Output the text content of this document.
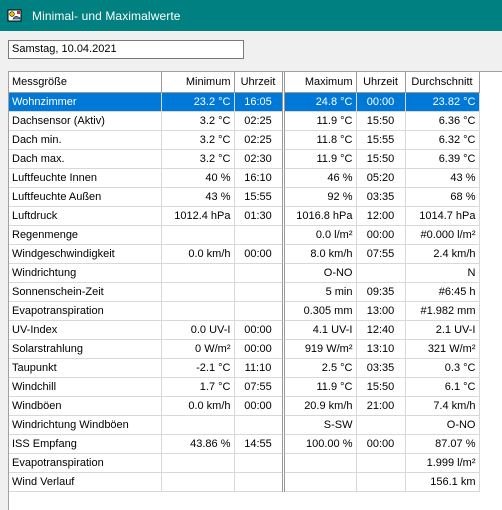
Minimal- und Maximalwerte
Samstag, 10.04.2021
Messgröße	Minimum	Uhrzeit	Maximum	Uhrzeit	Durchschnitt
Wohnzimmer	23.2 °C	16:05	24.8 °C	00:00	23.82 °C
Dachsensor (Aktiv)	3.2 °C	02:25	11.9 °C	15:50	6.36 °C
Dach min.	3.2 °C	02:25	11.8 °C	15:55	6.32 °C
Dach max.	3.2 °C	02:30	11.9 °C	15:50	6.39 °C
Luftfeuchte Innen	40 %	16:10	46 %	05:20	43 %
Luftfeuchte Außen	43 %	15:55	92 %	03:35	68 %
Luftdruck	1012.4 hPa	01:30	1016.8 hPa	12:00	1014.7 hPa
Regenmenge			0.0 l/m²	00:00	#0.000 l/m²
Windgeschwindigkeit	0.0 km/h	00:00	8.0 km/h	07:55	2.4 km/h
Windrichtung			O-NO		N
Sonnenschein-Zeit			5 min	09:35	#6:45 h
Evapotranspiration			0.305 mm	13:00	#1.982 mm
UV-Index	0.0 UV-I	00:00	4.1 UV-I	12:40	2.1 UV-I
Solarstrahlung	0 W/m²	00:00	919 W/m²	13:10	321 W/m²
Taupunkt	-2.1 °C	11:10	2.5 °C	03:35	0.3 °C
Windchill	1.7 °C	07:55	11.9 °C	15:50	6.1 °C
Windböen	0.0 km/h	00:00	20.9 km/h	21:00	7.4 km/h
Windrichtung Windböen			S-SW		O-NO
ISS Empfang	43.86 %	14:55	100.00 %	00:00	87.07 %
Evapotranspiration					1.999 l/m²
Wind Verlauf					156.1 km
